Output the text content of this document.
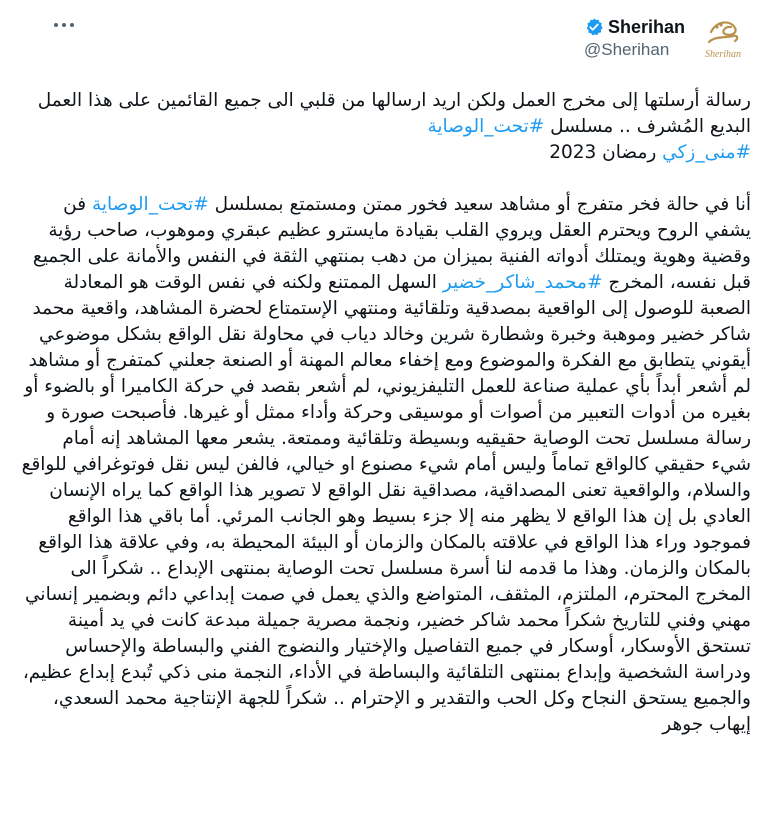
Sherihan
Sherihan
@Sherihan

رسالة أرسلتها إلى مخرج العمل ولكن اريد ارسالها من قلبي الى جميع القائمين على هذا العمل البديع المُشرف .. مسلسل #تحت_الوصاية
#منى_زكي رمضان 2023

أنا في حالة فخر متفرج أو مشاهد سعيد فخور ممتن ومستمتع بمسلسل #تحت_الوصاية فن يشفي الروح ويحترم العقل ويروي القلب بقيادة مايسترو عظيم عبقري وموهوب، صاحب رؤية وقضية وهوية ويمتلك أدواته الفنية بميزان من دهب بمنتهي الثقة في النفس والأمانة على الجميع قبل نفسه، المخرج #محمد_شاكر_خضير السهل الممتنع ولكنه في نفس الوقت هو المعادلة الصعبة للوصول إلى الواقعية بمصدقية وتلقائية ومنتهي الإستمتاع لحضرة المشاهد، واقعية محمد شاكر خضير وموهبة وخبرة وشطارة شرين وخالد دياب في محاولة نقل الواقع بشكل موضوعي أيقوني يتطابق مع الفكرة والموضوع ومع إخفاء معالم المهنة أو الصنعة جعلني كمتفرج أو مشاهد لم أشعر أبداً بأي عملية صناعة للعمل التليفزيوني، لم أشعر بقصد في حركة الكاميرا أو بالضوء أو بغيره من أدوات التعبير من أصوات أو موسيقى وحركة وأداء ممثل أو غيرها. فأصبحت صورة و رسالة مسلسل تحت الوصاية حقيقيه وبسيطة وتلقائية وممتعة. يشعر معها المشاهد إنه أمام شيء حقيقي كالواقع تماماً وليس أمام شيء مصنوع او خيالي، فالفن ليس نقل فوتوغرافي للواقع والسلام، والواقعية تعنى المصداقية، مصداقية نقل الواقع لا تصوير هذا الواقع كما يراه الإنسان العادي بل إن هذا الواقع لا يظهر منه إلا جزء بسيط وهو الجانب المرئي. أما باقي هذا الواقع فموجود وراء هذا الواقع في علاقته بالمكان والزمان أو البيئة المحيطة به، وفي علاقة هذا الواقع بالمكان والزمان. وهذا ما قدمه لنا أسرة مسلسل تحت الوصاية بمنتهى الإبداع .. شكراً الى المخرج المحترم، الملتزم، المثقف، المتواضع والذي يعمل في صمت إبداعي دائم وبضمير إنساني مهني وفني للتاريخ شكراً محمد شاكر خضير، ونجمة مصرية جميلة مبدعة كانت في يد أمينة تستحق الأوسكار، أوسكار في جميع التفاصيل والإختيار والنضوج الفني والبساطة والإحساس ودراسة الشخصية وإبداع بمنتهى التلقائية والبساطة في الأداء، النجمة منى ذكي تُبدع إبداع عظيم، والجميع يستحق النجاح وكل الحب والتقدير و الإحترام .. شكراً للجهة الإنتاجية محمد السعدي، إيهاب جوهر
